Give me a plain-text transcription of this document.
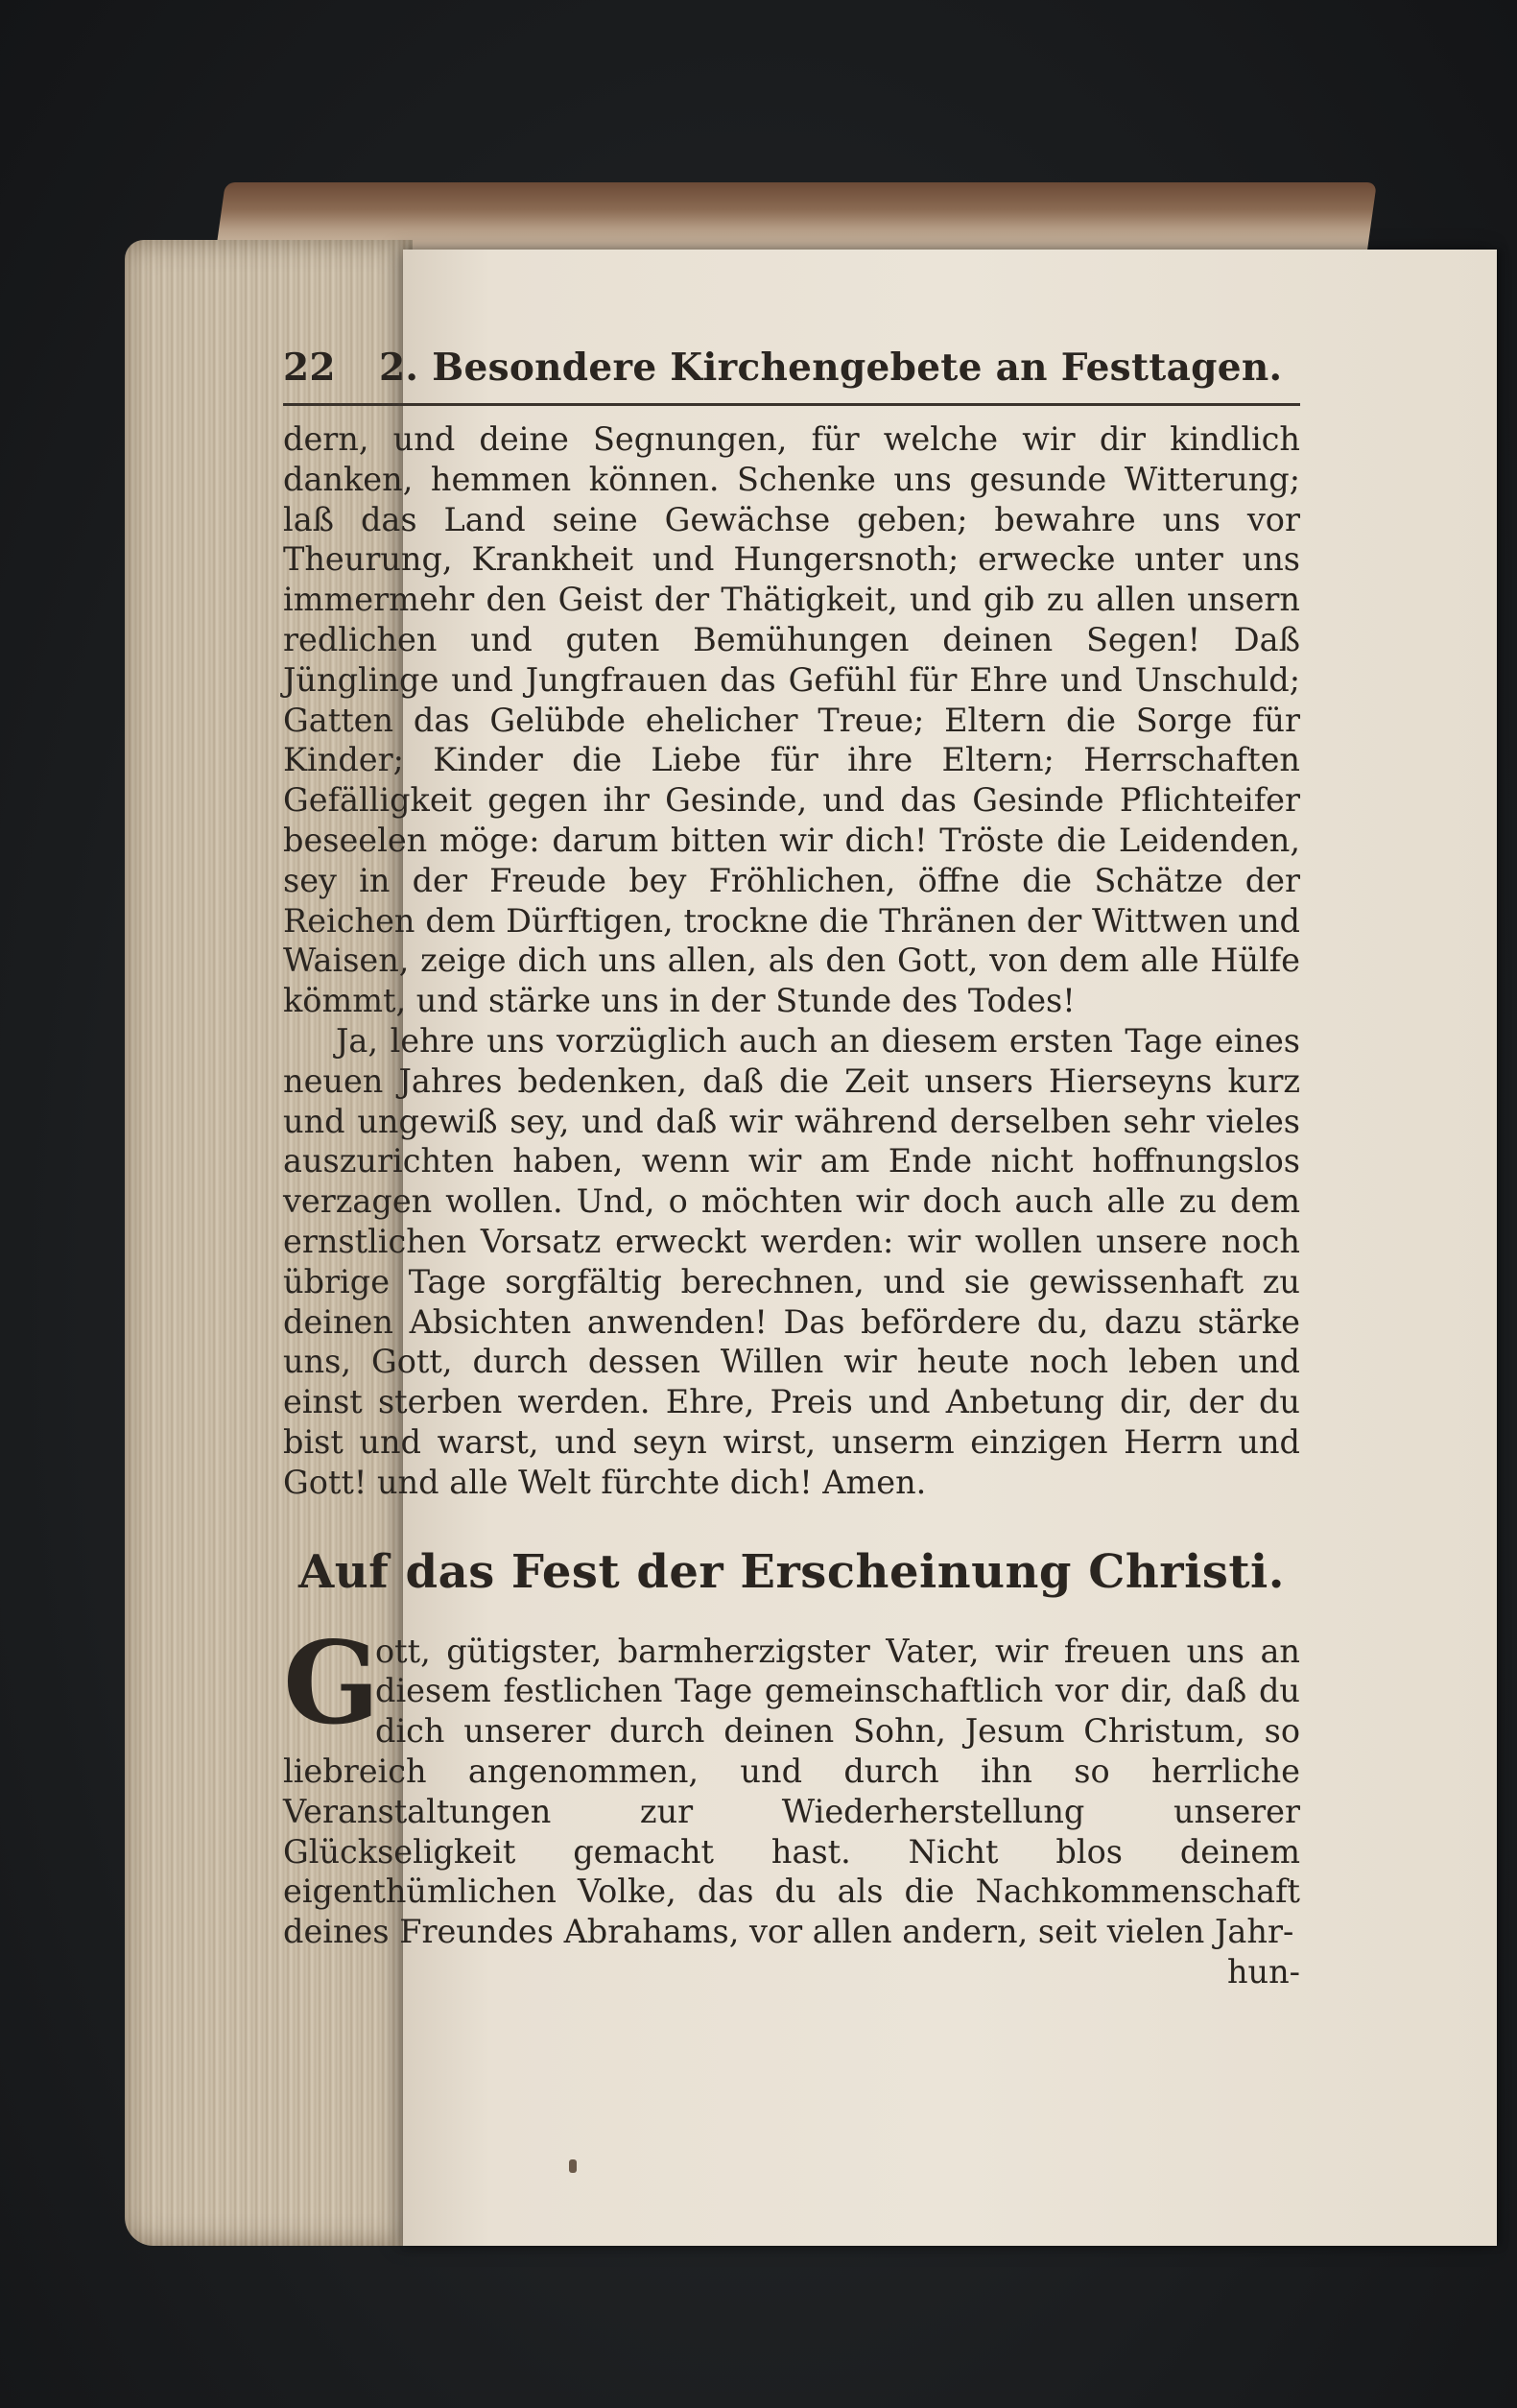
22	2. Besondere Kirchengebete an Festtagen.

dern, und deine Segnungen, für welche wir dir kindlich danken, hemmen können. Schenke uns gesunde Witterung; laß das Land seine Gewächse geben; bewahre uns vor Theurung, Krankheit und Hungersnoth; erwecke unter uns immermehr den Geist der Thätigkeit, und gib zu allen unsern redlichen und guten Bemühungen deinen Segen! Daß Jünglinge und Jungfrauen das Gefühl für Ehre und Unschuld; Gatten das Gelübde ehelicher Treue; Eltern die Sorge für Kinder; Kinder die Liebe für ihre Eltern; Herrschaften Gefälligkeit gegen ihr Gesinde, und das Gesinde Pflichteifer beseelen möge: darum bitten wir dich! Tröste die Leidenden, sey in der Freude bey Fröhlichen, öffne die Schätze der Reichen dem Dürftigen, trockne die Thränen der Wittwen und Waisen, zeige dich uns allen, als den Gott, von dem alle Hülfe kömmt, und stärke uns in der Stunde des Todes!

Ja, lehre uns vorzüglich auch an diesem ersten Tage eines neuen Jahres bedenken, daß die Zeit unsers Hierseyns kurz und ungewiß sey, und daß wir während derselben sehr vieles auszurichten haben, wenn wir am Ende nicht hoffnungslos verzagen wollen. Und, o möchten wir doch auch alle zu dem ernstlichen Vorsatz erweckt werden: wir wollen unsere noch übrige Tage sorgfältig berechnen, und sie gewissenhaft zu deinen Absichten anwenden! Das befördere du, dazu stärke uns, Gott, durch dessen Willen wir heute noch leben und einst sterben werden. Ehre, Preis und Anbetung dir, der du bist und warst, und seyn wirst, unserm einzigen Herrn und Gott! und alle Welt fürchte dich! Amen.

Auf das Fest der Erscheinung Christi.
G

ott, gütigster, barmherzigster Vater, wir freuen uns an diesem festlichen Tage gemeinschaftlich vor dir, daß du dich unserer durch deinen Sohn, Jesum Christum, so liebreich angenommen, und durch ihn so herrliche Veranstaltungen zur Wiederherstellung unserer Glückseligkeit gemacht hast. Nicht blos deinem eigenthümlichen Volke, das du als die Nachkommenschaft deines Freundes Abrahams, vor allen andern, seit vielen Jahr-

hun-
